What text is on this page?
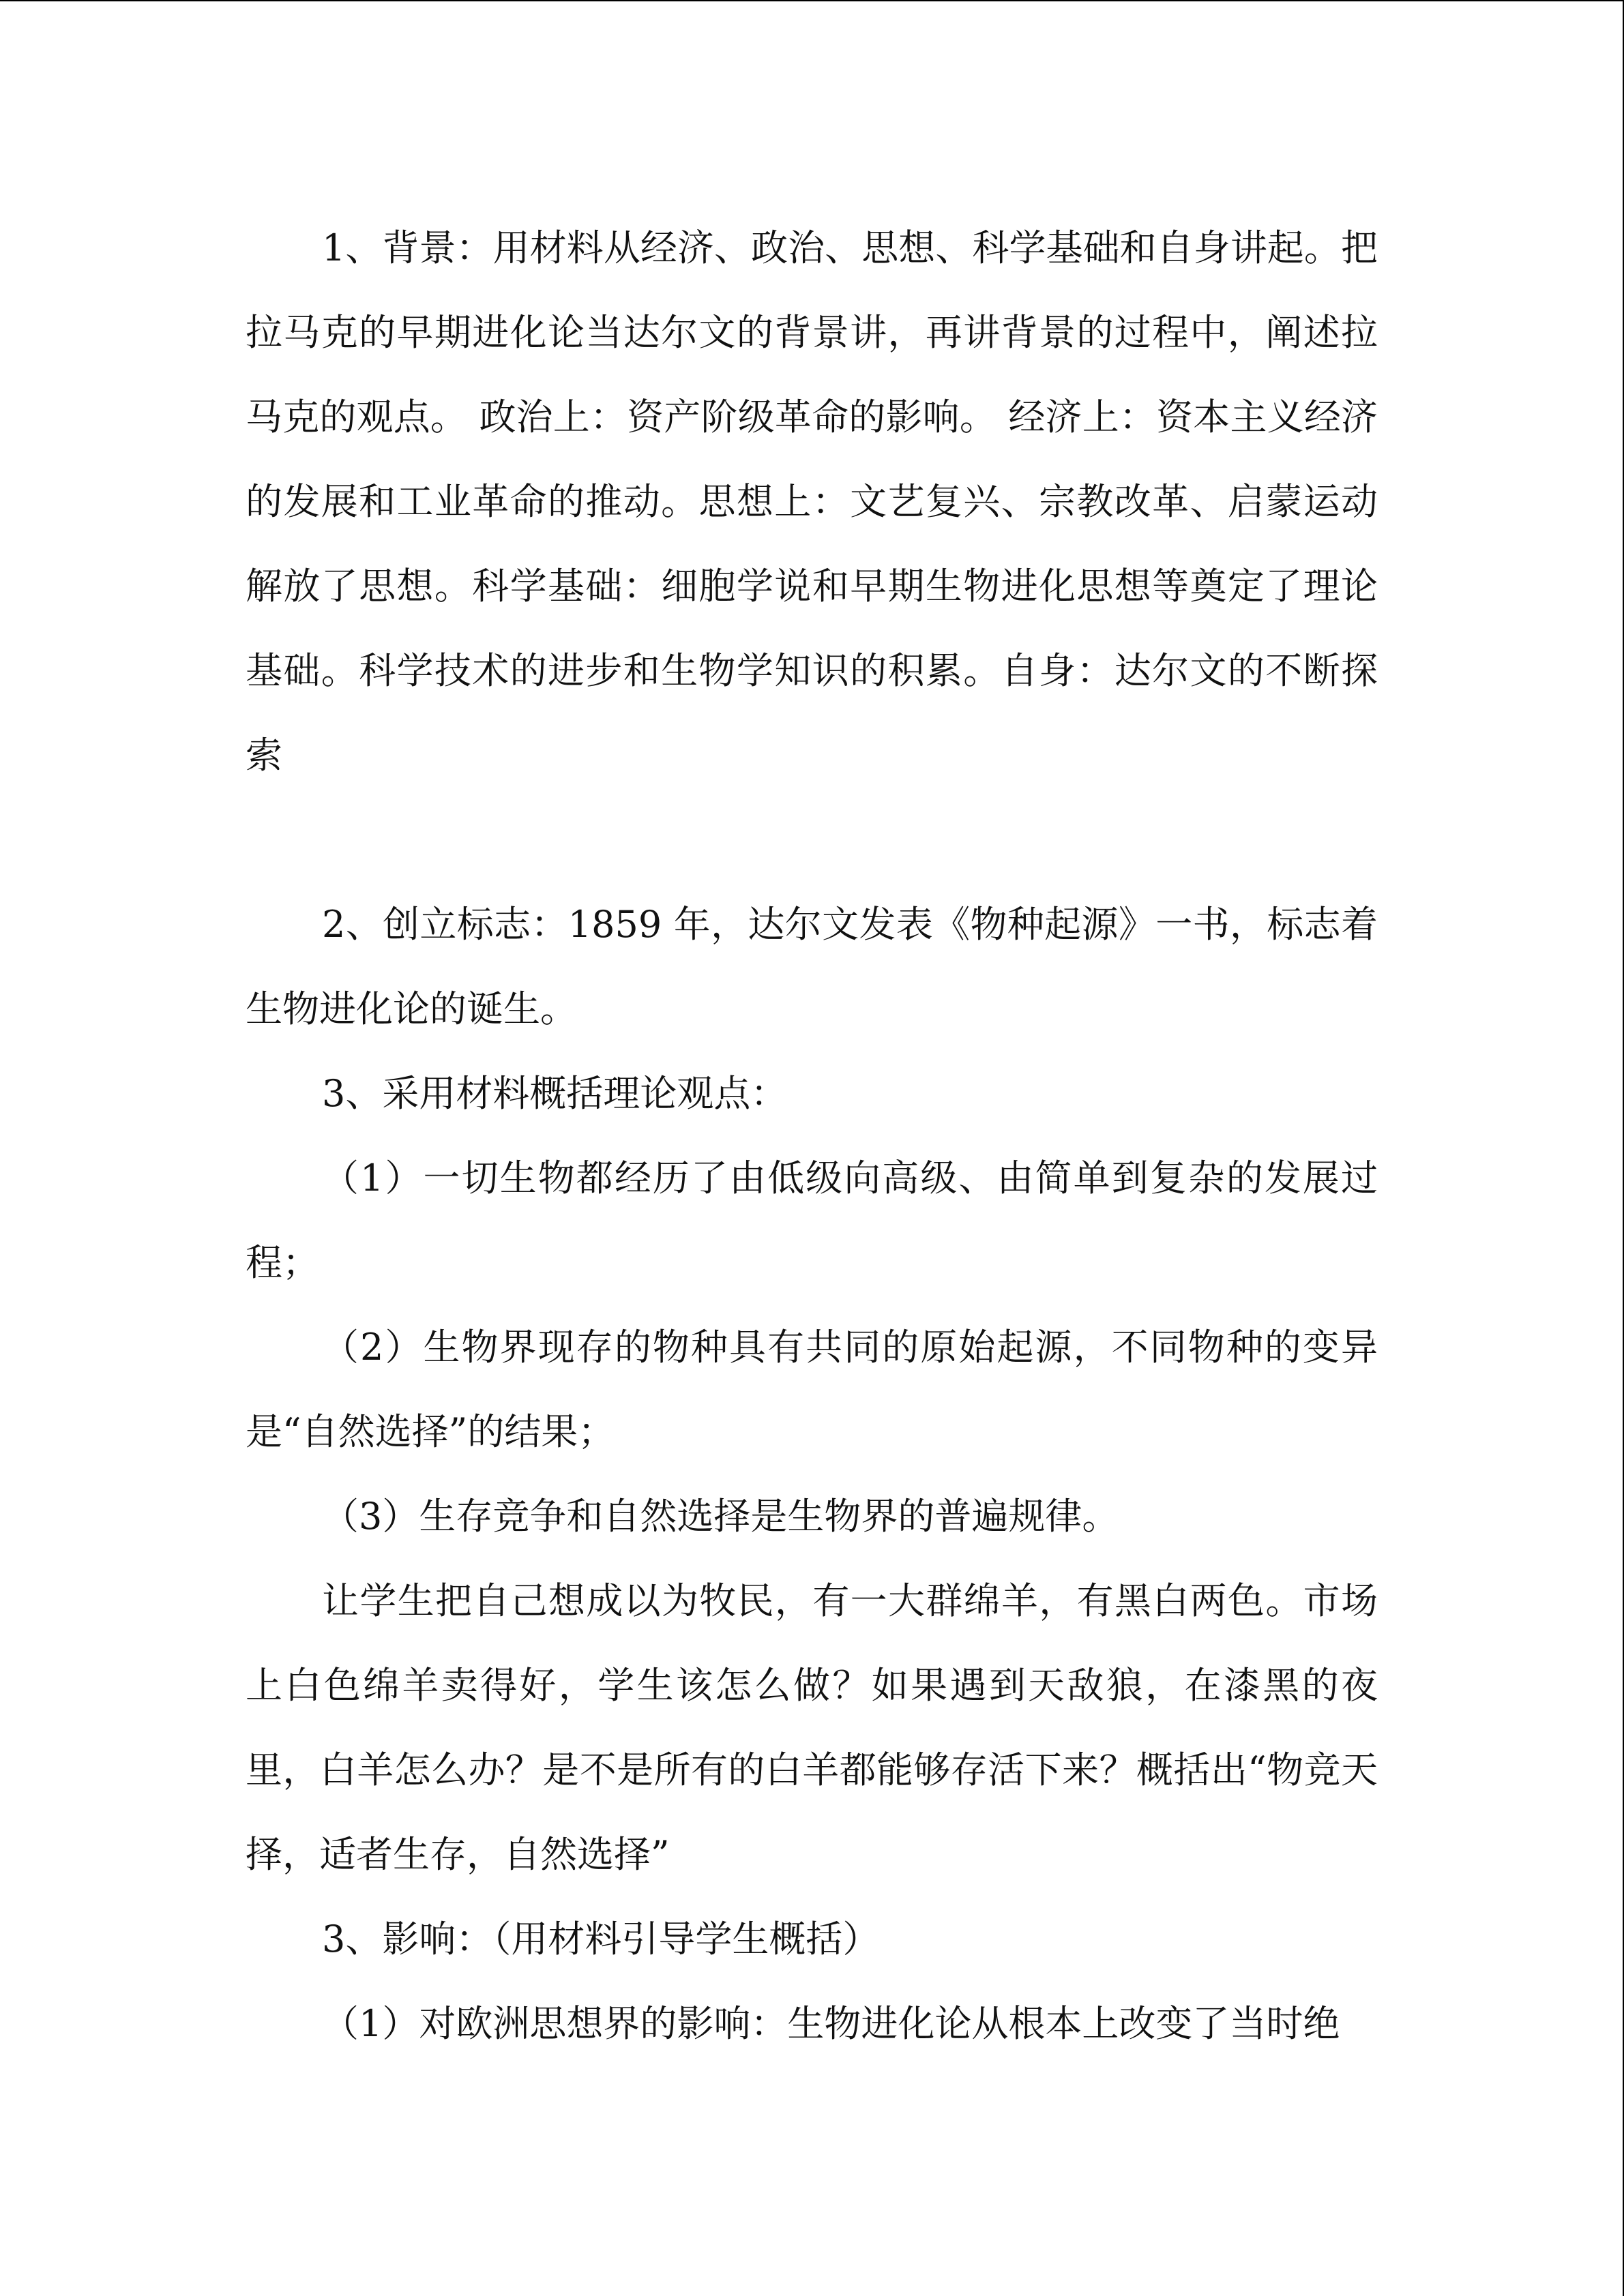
1、背景：用材料从经济、政治、思想、科学基础和自身讲起。把拉马克的早期进化论当达尔文的背景讲，再讲背景的过程中，阐述拉马克的观点。 政治上：资产阶级革命的影响。 经济上：资本主义经济的发展和工业革命的推动。思想上：文艺复兴、宗教改革、启蒙运动解放了思想。科学基础：细胞学说和早期生物进化思想等奠定了理论基础。科学技术的进步和生物学知识的积累。自身：达尔文的不断探索

2、创立标志：1859 年，达尔文发表《物种起源》一书，标志着生物进化论的诞生。

3、采用材料概括理论观点：

（1）一切生物都经历了由低级向高级、由简单到复杂的发展过程；

（2）生物界现存的物种具有共同的原始起源，不同物种的变异是“自然选择”的结果；

（3）生存竞争和自然选择是生物界的普遍规律。

让学生把自己想成以为牧民，有一大群绵羊，有黑白两色。市场上白色绵羊卖得好，学生该怎么做？如果遇到天敌狼，在漆黑的夜里，白羊怎么办？是不是所有的白羊都能够存活下来？概括出“物竞天择，适者生存，自然选择”

3、影响：（用材料引导学生概括）

（1）对欧洲思想界的影响：生物进化论从根本上改变了当时绝
